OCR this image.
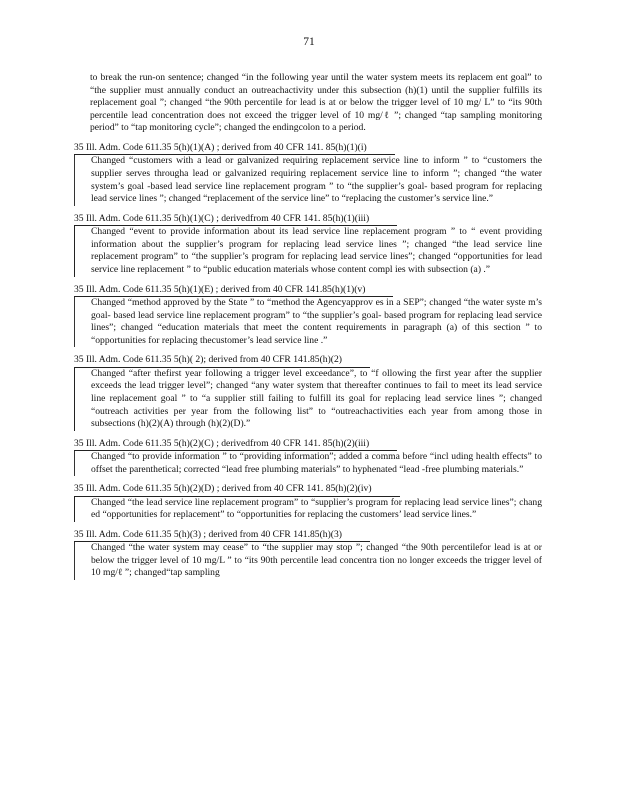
71

to break the run-on sentence; changed “in the following year until the water system meets its replacem ent goal” to “the supplier must annually conduct an outreachactivity under this subsection (h)(1) until the supplier fulfills its replacement goal ”; changed “the 90th percentile for lead is at or below the trigger level of 10 mg/ L” to “its 90th percentile lead concentration does not exceed the trigger level of 10 mg/ℓ ”; changed “tap sampling monitoring period” to “tap monitoring cycle”; changed the endingcolon to a period.

35 Ill. Adm. Code 611.35 5(h)(1)(A) ; derived from 40 CFR 141. 85(h)(1)(i)

Changed “customers with a lead or galvanized requiring replacement service line to inform ” to “customers the supplier serves througha lead or galvanized requiring replacement service line to inform ”; changed “the water system’s goal -based lead service line replacement program ” to “the supplier’s goal- based program for replacing lead service lines ”; changed “replacement of the service line” to “replacing the customer’s service line.”

35 Ill. Adm. Code 611.35 5(h)(1)(C) ; derivedfrom 40 CFR 141. 85(h)(1)(iii)

Changed “event to provide information about its lead service line replacement program ” to “ event providing information about the supplier’s program for replacing lead service lines ”; changed “the lead service line replacement program” to “the supplier’s program for replacing lead service lines”; changed “opportunities for lead service line replacement ” to “public education materials whose content compl ies with subsection (a) .”

35 Ill. Adm. Code 611.35 5(h)(1)(E) ; derived from 40 CFR 141.85(h)(1)(v)

Changed “method approved by the State ” to “method the Agencyapprov es in a SEP”; changed “the water syste m’s goal- based lead service line replacement program” to “the supplier’s goal- based program for replacing lead service lines”; changed “education materials that meet the content requirements in paragraph (a) of this section ” to “opportunities for replacing thecustomer’s lead service line .”

35 Ill. Adm. Code 611.35 5(h)( 2); derived from 40 CFR 141.85(h)(2)

Changed “after thefirst year following a trigger level exceedance”, to “f ollowing the first year after the supplier exceeds the lead trigger level”; changed “any water system that thereafter continues to fail to meet its lead service line replacement goal ” to “a supplier still failing to fulfill its goal for replacing lead service lines ”; changed “outreach activities per year from the following list” to “outreachactivities each year from among those in subsections (h)(2)(A) through (h)(2)(D).”

35 Ill. Adm. Code 611.35 5(h)(2)(C) ; derivedfrom 40 CFR 141. 85(h)(2)(iii)

Changed “to provide information ” to “providing information”; added a comma before “incl uding health effects” to offset the parenthetical; corrected “lead free plumbing materials” to hyphenated “lead -free plumbing materials.”

35 Ill. Adm. Code 611.35 5(h)(2)(D) ; derived from 40 CFR 141. 85(h)(2)(iv)

Changed “the lead service line replacement program” to “supplier’s program for replacing lead service lines”; chang ed “opportunities for replacement” to “opportunities for replacing the customers’ lead service lines.”

35 Ill. Adm. Code 611.35 5(h)(3) ; derived from 40 CFR 141.85(h)(3)

Changed “the water system may cease” to “the supplier may stop ”; changed “the 90th percentilefor lead is at or below the trigger level of 10 mg/L ” to “its 90th percentile lead concentra tion no longer exceeds the trigger level of 10 mg/ℓ ”; changed“tap sampling
